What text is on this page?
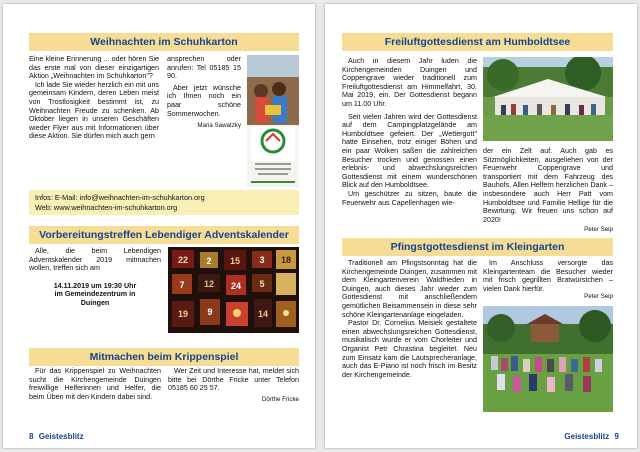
Weihnachten im Schuhkarton

Eine kleine Erinnerung ... oder hören Sie das erste mal von dieser einzigartigen Aktion „Weihnachten im Schuhkarton"?

Ich lade Sie wieder herzlich ein mit uns gemeinsam Kindern, deren Leben meist von Trostlosigkeit bestimmt ist, zu Weihnachten Freude zu schenken. Ab Oktober liegen in unseren Geschäften wieder Flyer aus mit Informationen über diese Aktion. Sie dürfen mich auch gern

ansprechen oder anrufen: Tel 05185 15 90.

Aber jetzt wünsche ich Ihnen noch ein paar schöne Sommerwochen.

Maria Sawatzky

Infos: E-Mail: info@weihnachten-im-schuhkarton.org
Web: www.weihnachten-im-schuhkarton.org
Vorbereitungstreffen Lebendiger Adventskalender

Alle, die beim Lebendigen Adventskalender 2019 mitmachen wollen, treffen sich am

14.11.2019 um 19:30 Uhr

im Gemeindezentrum in

Duingen

22 2 15 3 18
7 12 24 5
19 9	14
Mitmachen beim Krippenspiel

Für das Krippenspiel zu Weihnachten sucht die Kirchengemeinde Duingen freiwillige Helferinnen und Helfer, die beim Üben mit den Kindern dabei sind.

Wer Zeit und Interesse hat, meldet sich bitte bei Dörthe Fricke unter Telefon 05185 60 25 57.

Dörthe Fricke

8 Geistesblitz
Freiluftgottesdienst am Humboldtsee

Auch in diesem Jahr luden die Kirchengemeinden Duingen und Coppengrave wieder traditionell zum Freiluftgottesdienst am Himmelfahrt, 30. Mai 2019, ein. Der Gottesdienst begann um 11.00 Uhr.

Seit vielen Jahren wird der Gottesdienst auf dem Campingplatzgelände am Humboldtsee gefeiert. Der „Wettergott" hatte Einsehen, trotz einiger Böhen und ein paar Wolken saßen die zahlreichen Besucher trocken und genossen einen erlebnis- und abwechslungsreichen Gottesdienst mit einem wunderschönen Blick auf den Humboldtsee.

Um geschützer zu sitzen, baute die Feuerwehr aus Capellenhagen wie-

der ein Zelt auf. Auch gab es Sitzmöglichkeiten, ausgeliehen von der Feuerwehr Coppengrave und transportiert mit dem Fahrzeug des Bauhofs. Allen Helfern herzlichen Dank – insbesondere auch Herr Patt vom Humboldtsee und Familie Hellige für die Bewirtung. Wir freuen uns schon auf 2020!

Peter Seip

Pfingstgottesdienst im Kleingarten

Traditionell am Pfingstsonntag hat die Kirchengemeinde Duingen, zusammen mit dem Kleingartenverein Waldfrieden in Duingen, auch dieses Jahr wieder zum Gottesdienst mit anschließendem gemütlichen Beisammensein in diese sehr schöne Kleingartenanlage eingeladen.

Pastor Dr. Cornelius Meisiek gestaltete einen abwechslungsreichen Gottesdienst, musikalisch wurde er vom Chorleiter und Organist Petr Chrastina begleitet. Neu zum Einsatz kam die Lautsprecheranlage, auch das E-Piano ist noch frisch im Besitz der Kirchengemeinde.

Im Anschluss versorgte das Kleingartenteam die Besucher wieder mit frisch gegrillten Bratwürstchen – vielen Dank hierfür.

Peter Seip

Geistesblitz 9
